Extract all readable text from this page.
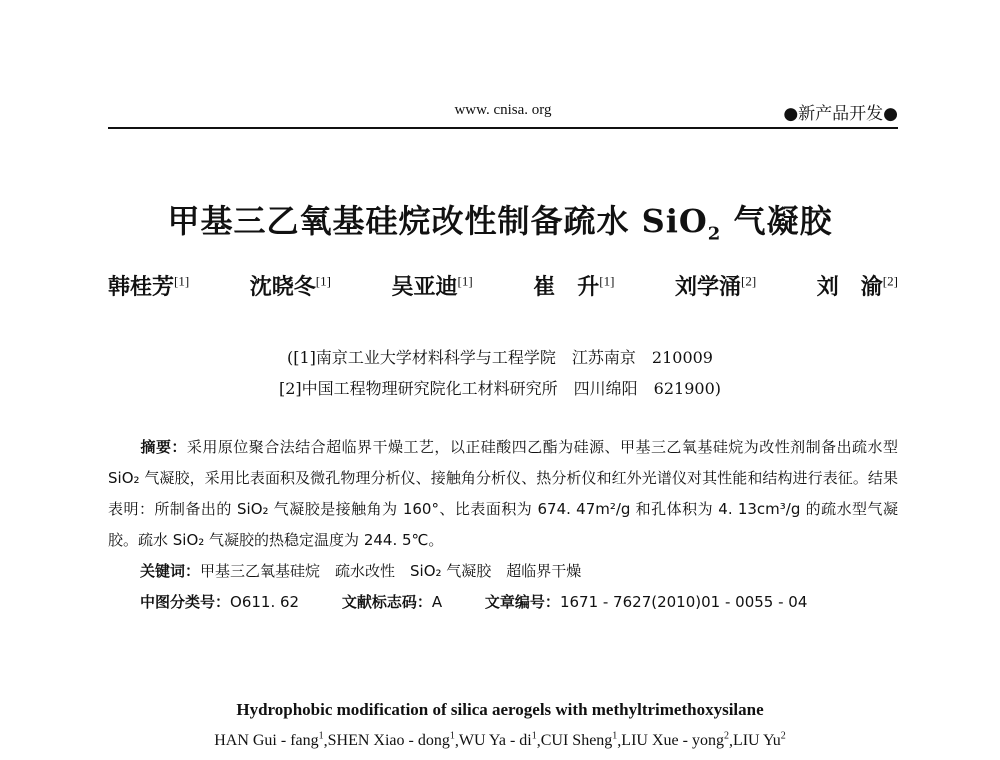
www. cnisa. org	●新产品开发●
甲基三乙氧基硅烷改性制备疏水 SiO$_2$ 气凝胶
韩桂芳[1]	沈晓冬[1]	吴亚迪[1]	崔　升[1]	刘学涌[2]	刘　渝[2]
([1]南京工业大学材料科学与工程学院　江苏南京　210009
[2]中国工程物理研究院化工材料研究所　四川绵阳　621900)
摘要：采用原位聚合法结合超临界干燥工艺，以正硅酸四乙酯为硅源、甲基三乙氧基硅烷为改性剂制备出疏水型 SiO₂ 气凝胶，采用比表面积及微孔物理分析仪、接触角分析仪、热分析仪和红外光谱仪对其性能和结构进行表征。结果表明：所制备出的 SiO₂ 气凝胶是接触角为 160°、比表面积为 674. 47m²/g 和孔体积为 4. 13cm³/g 的疏水型气凝胶。疏水 SiO₂ 气凝胶的热稳定温度为 244. 5℃。
关键词：甲基三乙氧基硅烷　疏水改性　SiO₂ 气凝胶　超临界干燥
中图分类号：O611. 62	文献标志码：A	文章编号：1671 - 7627(2010)01 - 0055 - 04
Hydrophobic modification of silica aerogels with methyltrimethoxysilane
HAN Gui - fang$^1$,SHEN Xiao - dong$^1$,WU Ya - $di^1,CUI$ Sheng$^1$,LIU Xue - yong$^2$,LIU Yu$^2$
